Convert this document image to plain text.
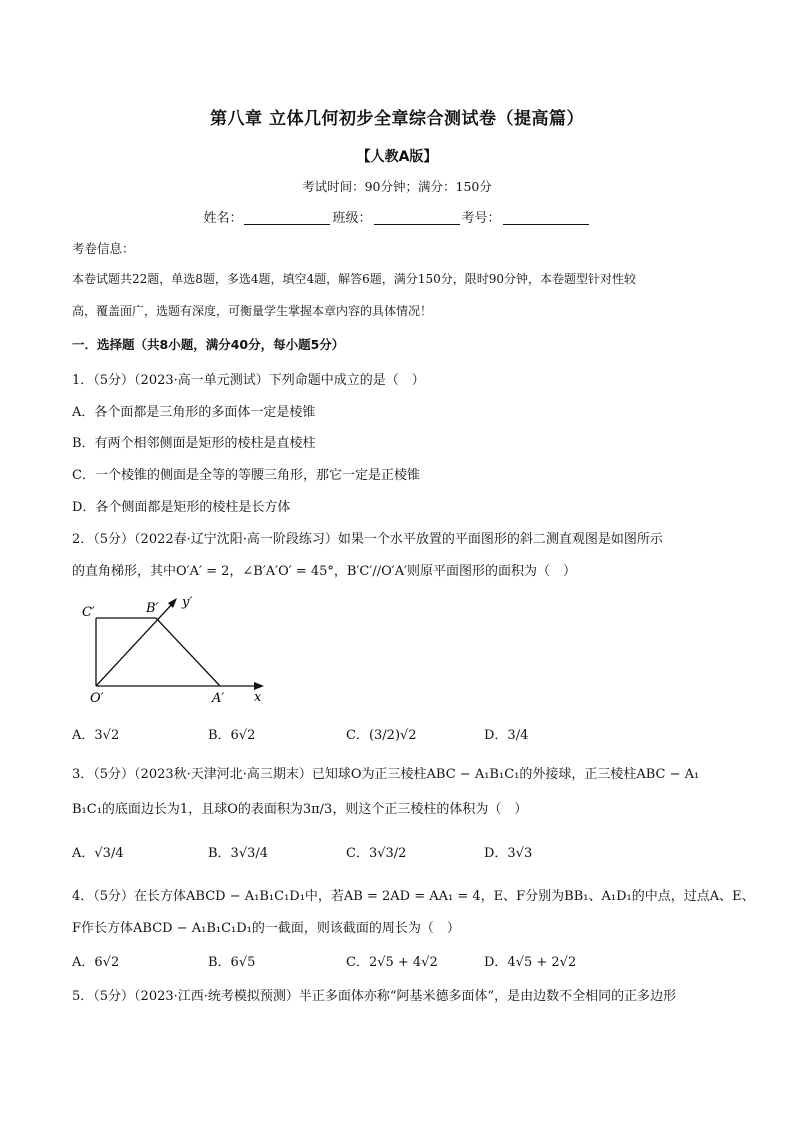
第八章 立体几何初步全章综合测试卷（提高篇）
【人教A版】
考试时间：90分钟；满分：150分
姓名：	班级：	考号：
考卷信息：
本卷试题共22题，单选8题，多选4题，填空4题，解答6题，满分150分，限时90分钟，本卷题型针对性较
高，覆盖面广，选题有深度，可衡量学生掌握本章内容的具体情况！
一．选择题（共8小题，满分40分，每小题5分）
1．（5分）（2023·高一单元测试）下列命题中成立的是（　）
A．各个面都是三角形的多面体一定是棱锥
B．有两个相邻侧面是矩形的棱柱是直棱柱
C．一个棱锥的侧面是全等的等腰三角形，那它一定是正棱锥
D．各个侧面都是矩形的棱柱是长方体
2．（5分）（2022春·辽宁沈阳·高一阶段练习）如果一个水平放置的平面图形的斜二测直观图是如图所示
的直角梯形，其中O′A′ = 2，∠B′A′O′ = 45°，B′C′//O′A′则原平面图形的面积为（　）
C′	B′ y′
O′	A′ x
A．3√2	B．6√2	C．(3/2)√2	D．3/4
3．（5分）（2023秋·天津河北·高三期末）已知球O为正三棱柱ABC − A₁B₁C₁的外接球，正三棱柱ABC − A₁
B₁C₁的底面边长为1，且球O的表面积为3π/3，则这个正三棱柱的体积为（　）
A．√3/4	B．3√3/4	C．3√3/2	D．3√3
4．（5分）在长方体ABCD − A₁B₁C₁D₁中，若AB = 2AD = AA₁ = 4，E、F分别为BB₁、A₁D₁的中点，过点A、E、
F作长方体ABCD − A₁B₁C₁D₁的一截面，则该截面的周长为（　）
A．6√2	B．6√5	C．2√5 + 4√2	D．4√5 + 2√2
5．（5分）（2023·江西·统考模拟预测）半正多面体亦称“阿基米德多面体”，是由边数不全相同的正多边形
